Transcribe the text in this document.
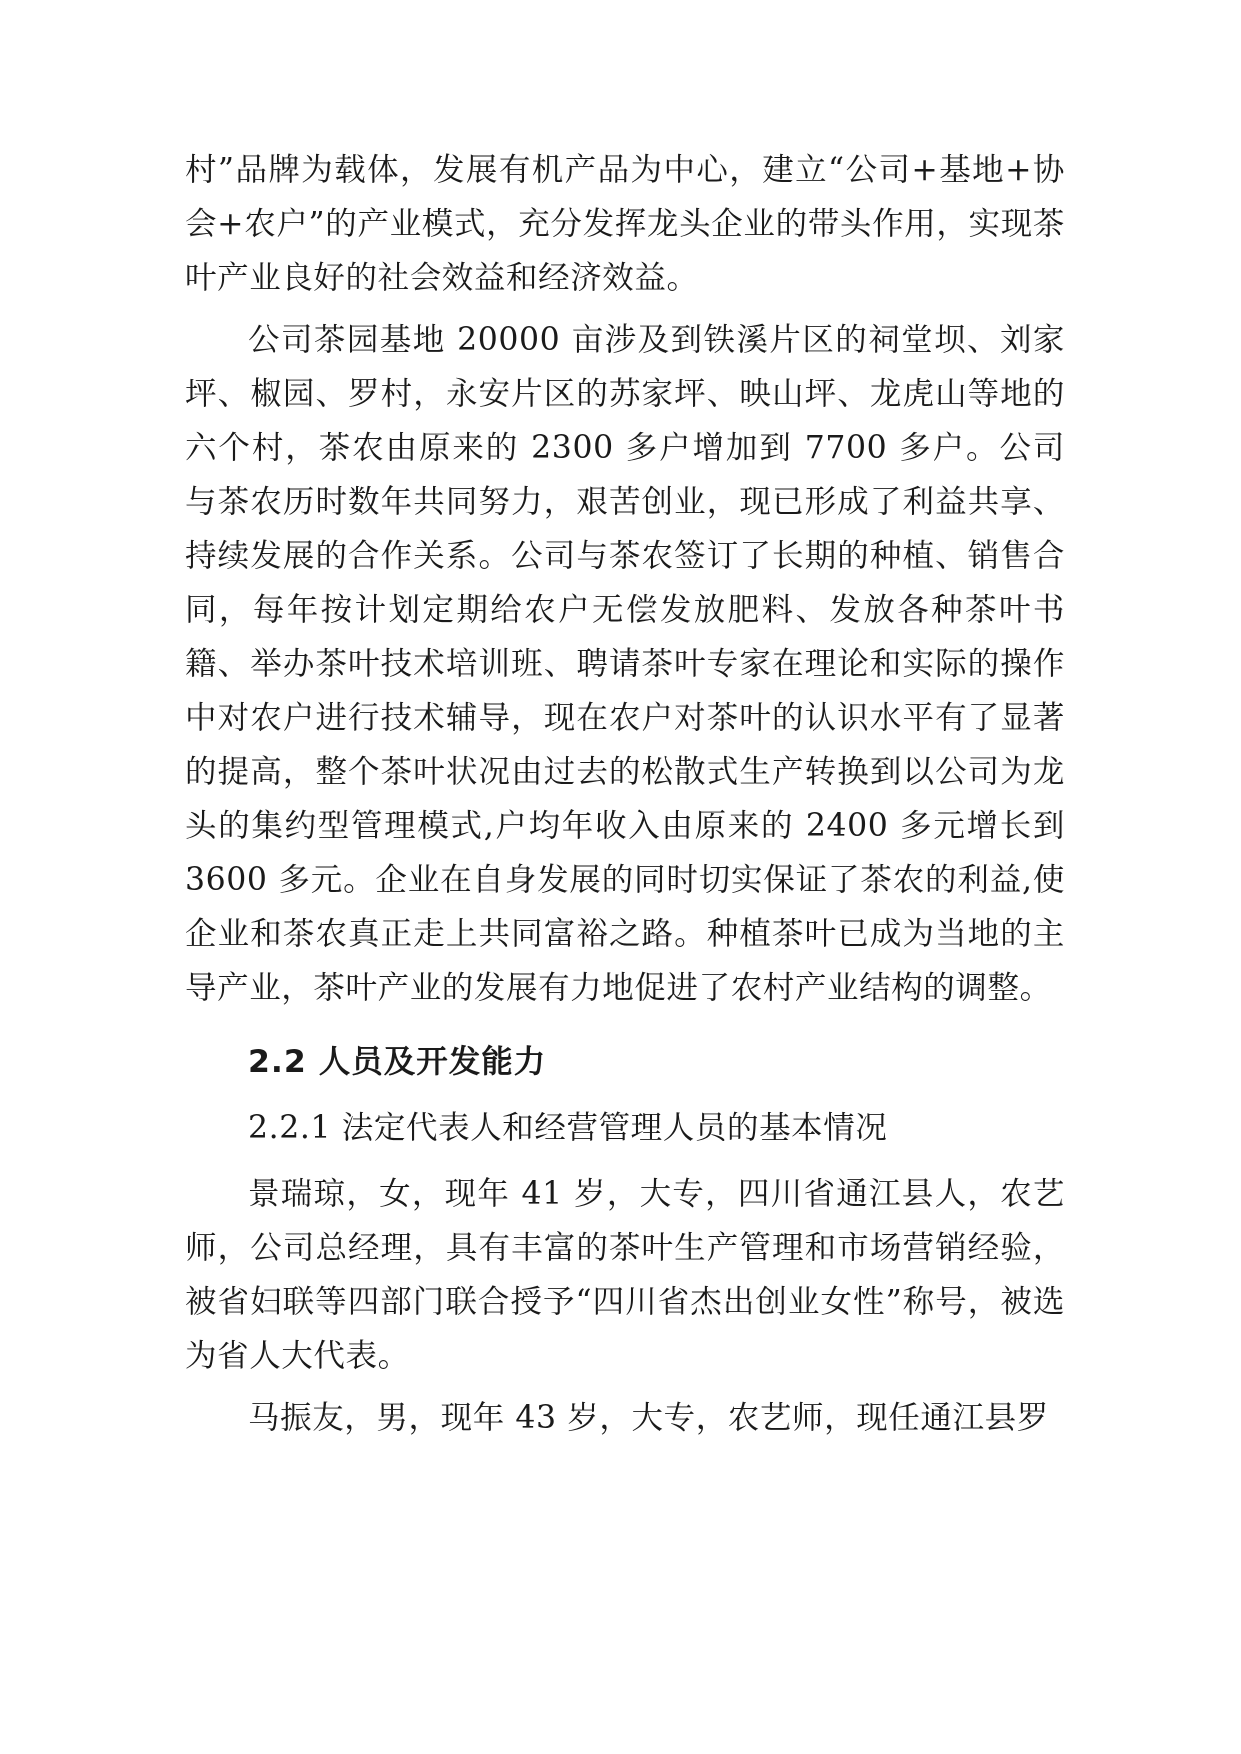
村”品牌为载体，发展有机产品为中心，建立“公司+基地+协会+农户”的产业模式，充分发挥龙头企业的带头作用，实现茶叶产业良好的社会效益和经济效益。

公司茶园基地 20000 亩涉及到铁溪片区的祠堂坝、刘家坪、椒园、罗村，永安片区的苏家坪、映山坪、龙虎山等地的六个村，茶农由原来的 2300 多户增加到 7700 多户。公司与茶农历时数年共同努力，艰苦创业，现已形成了利益共享、持续发展的合作关系。公司与茶农签订了长期的种植、销售合同，每年按计划定期给农户无偿发放肥料、发放各种茶叶书籍、举办茶叶技术培训班、聘请茶叶专家在理论和实际的操作中对农户进行技术辅导，现在农户对茶叶的认识水平有了显著的提高，整个茶叶状况由过去的松散式生产转换到以公司为龙头的集约型管理模式,户均年收入由原来的 2400 多元增长到 3600 多元。企业在自身发展的同时切实保证了茶农的利益,使企业和茶农真正走上共同富裕之路。种植茶叶已成为当地的主导产业，茶叶产业的发展有力地促进了农村产业结构的调整。

2.2 人员及开发能力
2.2.1 法定代表人和经营管理人员的基本情况

景瑞琼，女，现年 41 岁，大专，四川省通江县人，农艺师，公司总经理，具有丰富的茶叶生产管理和市场营销经验，被省妇联等四部门联合授予“四川省杰出创业女性”称号，被选为省人大代表。

马振友，男，现年 43 岁，大专，农艺师，现任通江县罗
